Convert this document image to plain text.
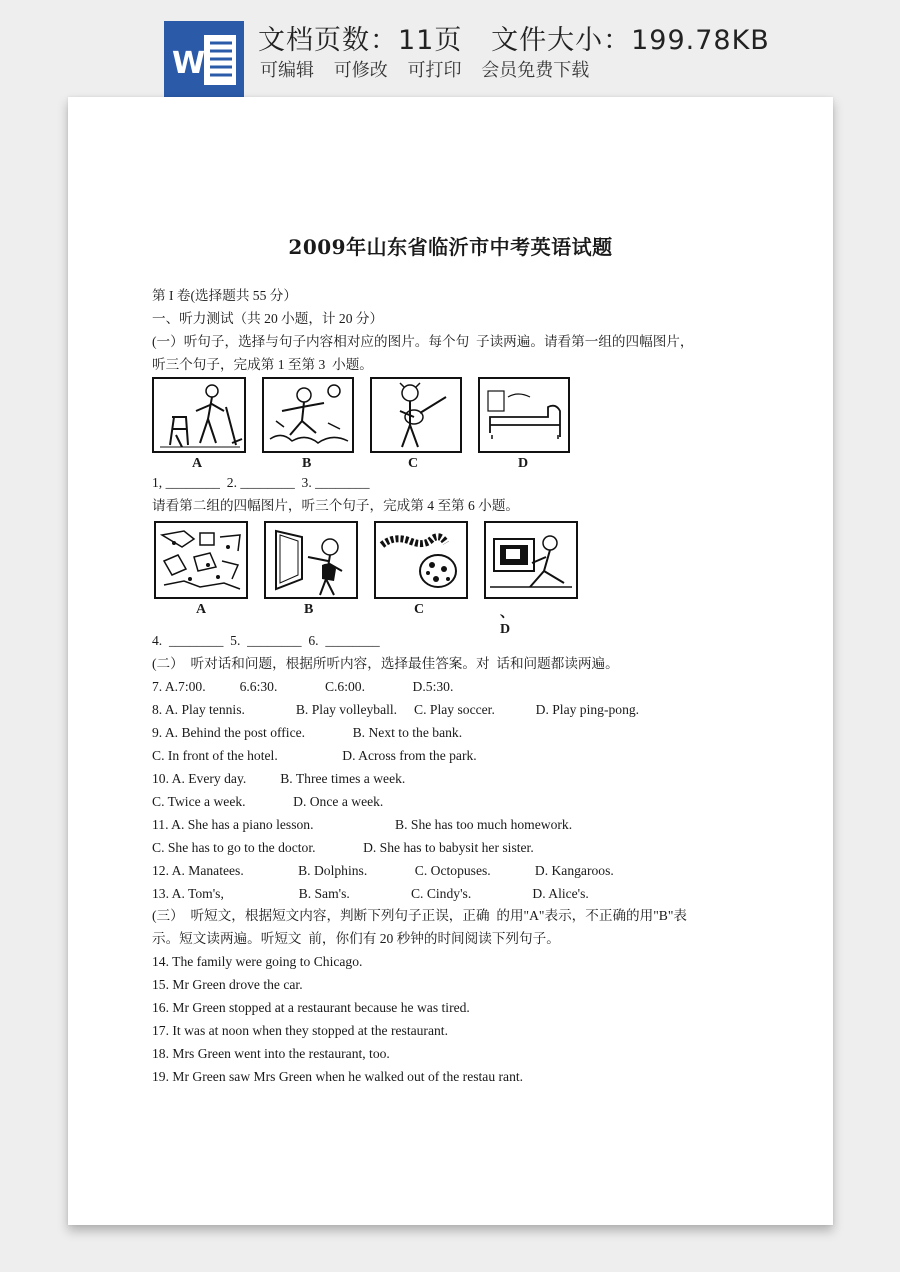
W
文档页数：11页   文件大小：199.78KB
可编辑 可修改 可打印 会员免费下载
2009年山东省临沂市中考英语试题
第 I 卷(选择题共 55 分）
一、听力测试（共 20 小题，计 20 分）
(一）听句子，选择与句子内容相对应的图片。每个句  子读两遍。请看第一组的四幅图片，
听三个句子，完成第 1 至第 3  小题。
A	B	C	D
1, ________  2. ________  3. ________
请看第二组的四幅图片，听三个句子，完成第 4 至第 6 小题。
A	B	C	、D
4.  ________  5.  ________  6.  ________
(二）  听对话和问题，根据所听内容，选择最佳答案。对  话和问题都读两遍。
7. A.7:00.          6.6:30.              C.6:00.              D.5:30.
8. A. Play tennis.               B. Play volleyball.     C. Play soccer.            D. Play ping-pong.
9. A. Behind the post office.              B. Next to the bank.
C. In front of the hotel.                   D. Across from the park.
10. A. Every day.          B. Three times a week.
C. Twice a week.              D. Once a week.
11. A. She has a piano lesson.                        B. She has too much homework.
C. She has to go to the doctor.              D. She has to babysit her sister.
12. A. Manatees.                B. Dolphins.              C. Octopuses.             D. Kangaroos.
13. A. Tom's,                      B. Sam's.                  C. Cindy's.                  D. Alice's.
(三）  听短文，根据短文内容，判断下列句子正误，正确  的用"A"表示，不正确的用"B"表
示。短文读两遍。听短文  前，你们有 20 秒钟的时间阅读下列句子。
14. The family were going to Chicago.
15. Mr Green drove the car.
16. Mr Green stopped at a restaurant because he was tired.
17. It was at noon when they stopped at the restaurant.
18. Mrs Green went into the restaurant, too.
19. Mr Green saw Mrs Green when he walked out of the restau rant.
